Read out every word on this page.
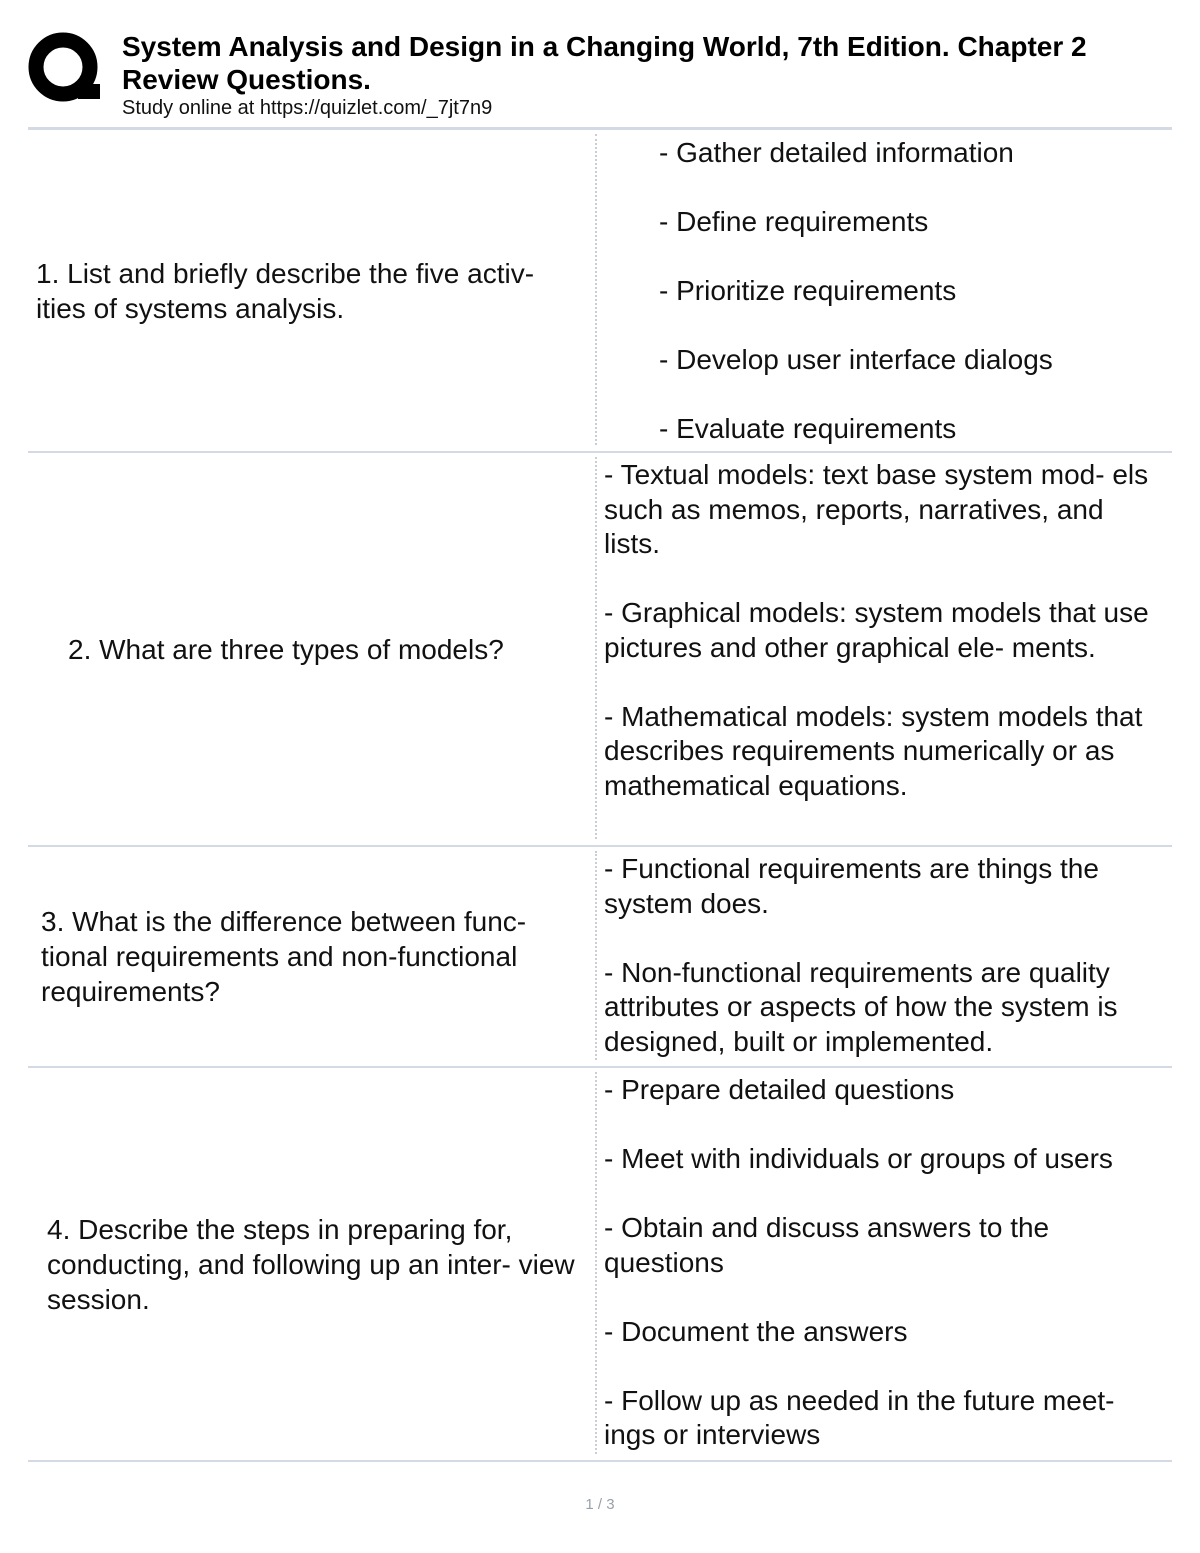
System Analysis and Design in a Changing World, 7th Edition. Chapter 2
Review Questions.
Study online at https://quizlet.com/_7jt7n9
1. List and briefly describe the five activ- ities of systems analysis.

- Gather detailed information

- Define requirements

- Prioritize requirements

- Develop user interface dialogs

- Evaluate requirements

2. What are three types of models?

- Textual models: text base system mod- els such as memos, reports, narratives, and lists.

- Graphical models: system models that use pictures and other graphical ele- ments.

- Mathematical models: system models that describes requirements numerically or as mathematical equations.

3. What is the difference between func- tional requirements and non-functional requirements?

- Functional requirements are things the system does.

- Non-functional requirements are quality attributes or aspects of how the system is designed, built or implemented.

4. Describe the steps in preparing for, conducting, and following up an inter- view session.

- Prepare detailed questions

- Meet with individuals or groups of users

- Obtain and discuss answers to the questions

- Document the answers

- Follow up as needed in the future meet- ings or interviews

1 / 3
